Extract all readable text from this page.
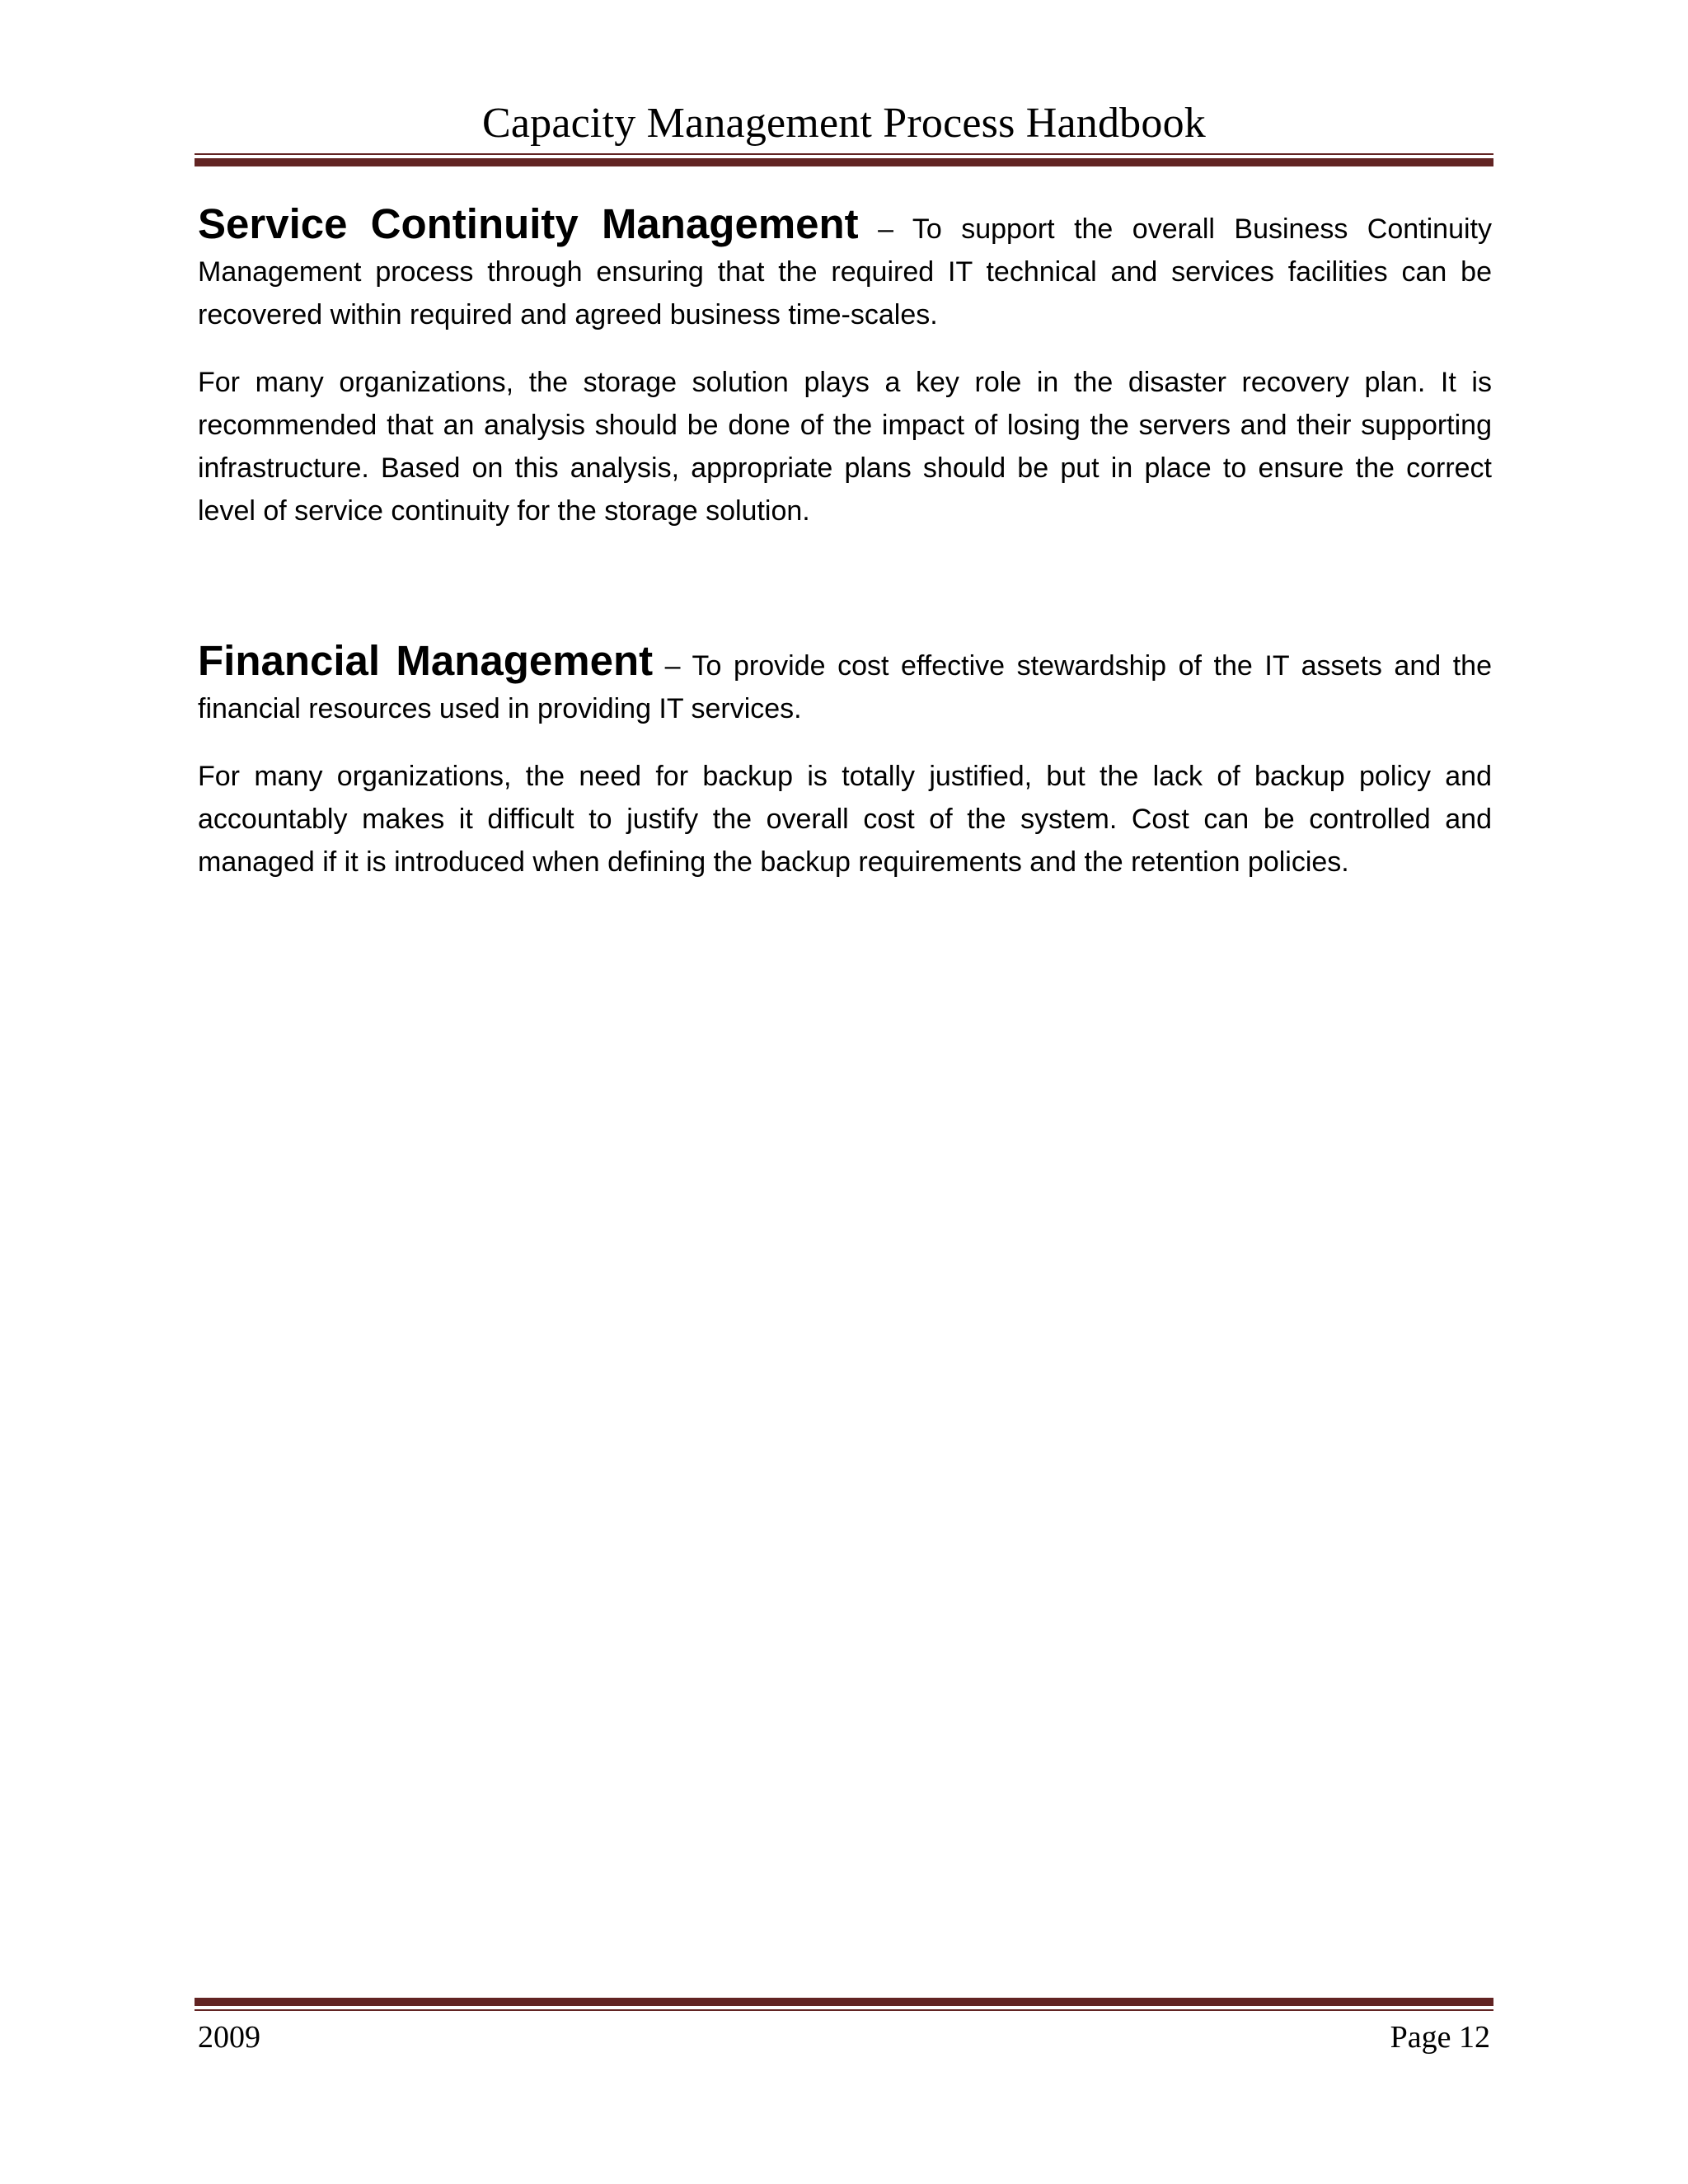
Capacity Management Process Handbook

Service Continuity Management – To support the overall Business Continuity Management process through ensuring that the required IT technical and services facilities can be recovered within required and agreed business time-scales.

For many organizations, the storage solution plays a key role in the disaster recovery plan. It is recommended that an analysis should be done of the impact of losing the servers and their supporting infrastructure. Based on this analysis, appropriate plans should be put in place to ensure the correct level of service continuity for the storage solution.

Financial Management – To provide cost effective stewardship of the IT assets and the financial resources used in providing IT services.

For many organizations, the need for backup is totally justified, but the lack of backup policy and accountably makes it difficult to justify the overall cost of the system. Cost can be controlled and managed if it is introduced when defining the backup requirements and the retention policies.

2009	Page 12
